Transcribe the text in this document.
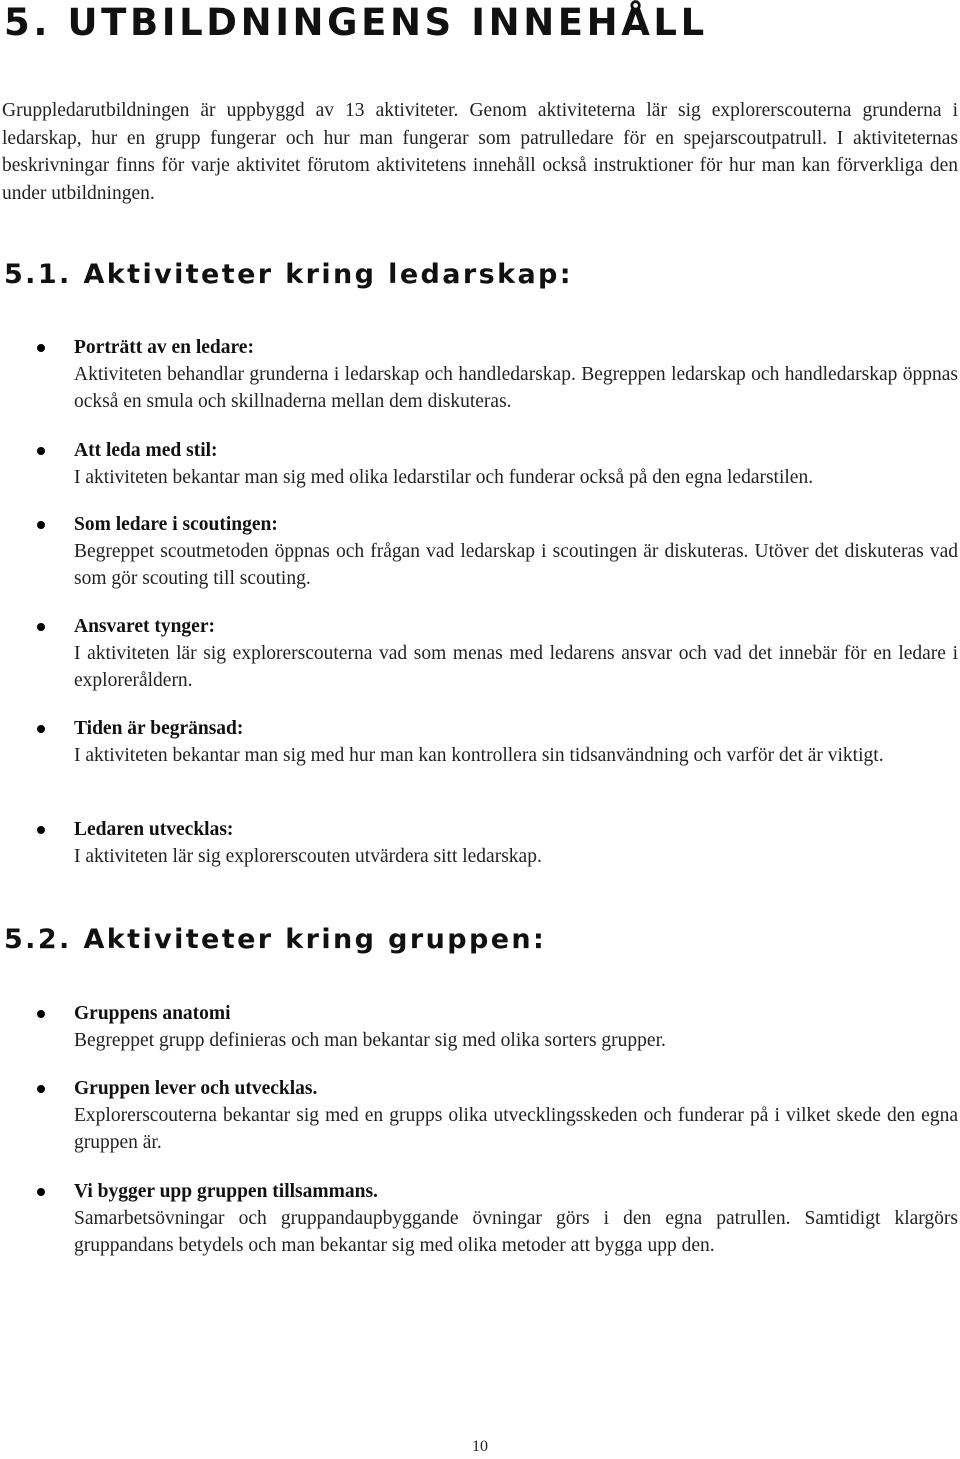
5. UTBILDNINGENS INNEHÅLL

Gruppledarutbildningen är uppbyggd av 13 aktiviteter. Genom aktiviteterna lär sig explorerscouterna grunderna i ledarskap, hur en grupp fungerar och hur man fungerar som patrulledare för en spejarscoutpatrull. I aktiviteternas beskrivningar finns för varje aktivitet förutom aktivitetens innehåll också instruktioner för hur man kan förverkliga den under utbildningen.

5.1. Aktiviteter kring ledarskap:
Porträtt av en ledare:
Aktiviteten behandlar grunderna i ledarskap och handledarskap. Begreppen ledarskap och handledarskap öppnas också en smula och skillnaderna mellan dem diskuteras.
Att leda med stil:
I aktiviteten bekantar man sig med olika ledarstilar och funderar också på den egna ledarstilen.
Som ledare i scoutingen:
Begreppet scoutmetoden öppnas och frågan vad ledarskap i scoutingen är diskuteras. Utöver det diskuteras vad som gör scouting till scouting.
Ansvaret tynger:
I aktiviteten lär sig explorerscouterna vad som menas med ledarens ansvar och vad det innebär för en ledare i exploreråldern.
Tiden är begränsad:
I aktiviteten bekantar man sig med hur man kan kontrollera sin tidsanvändning och varför det är viktigt.
Ledaren utvecklas:
I aktiviteten lär sig explorerscouten utvärdera sitt ledarskap.
5.2. Aktiviteter kring gruppen:
Gruppens anatomi
Begreppet grupp definieras och man bekantar sig med olika sorters grupper.
Gruppen lever och utvecklas.
Explorerscouterna bekantar sig med en grupps olika utvecklingsskeden och funderar på i vilket skede den egna gruppen är.
Vi bygger upp gruppen tillsammans.
Samarbetsövningar och gruppandaupbyggande övningar görs i den egna patrullen. Samtidigt klargörs gruppandans betydels och man bekantar sig med olika metoder att bygga upp den.
10
